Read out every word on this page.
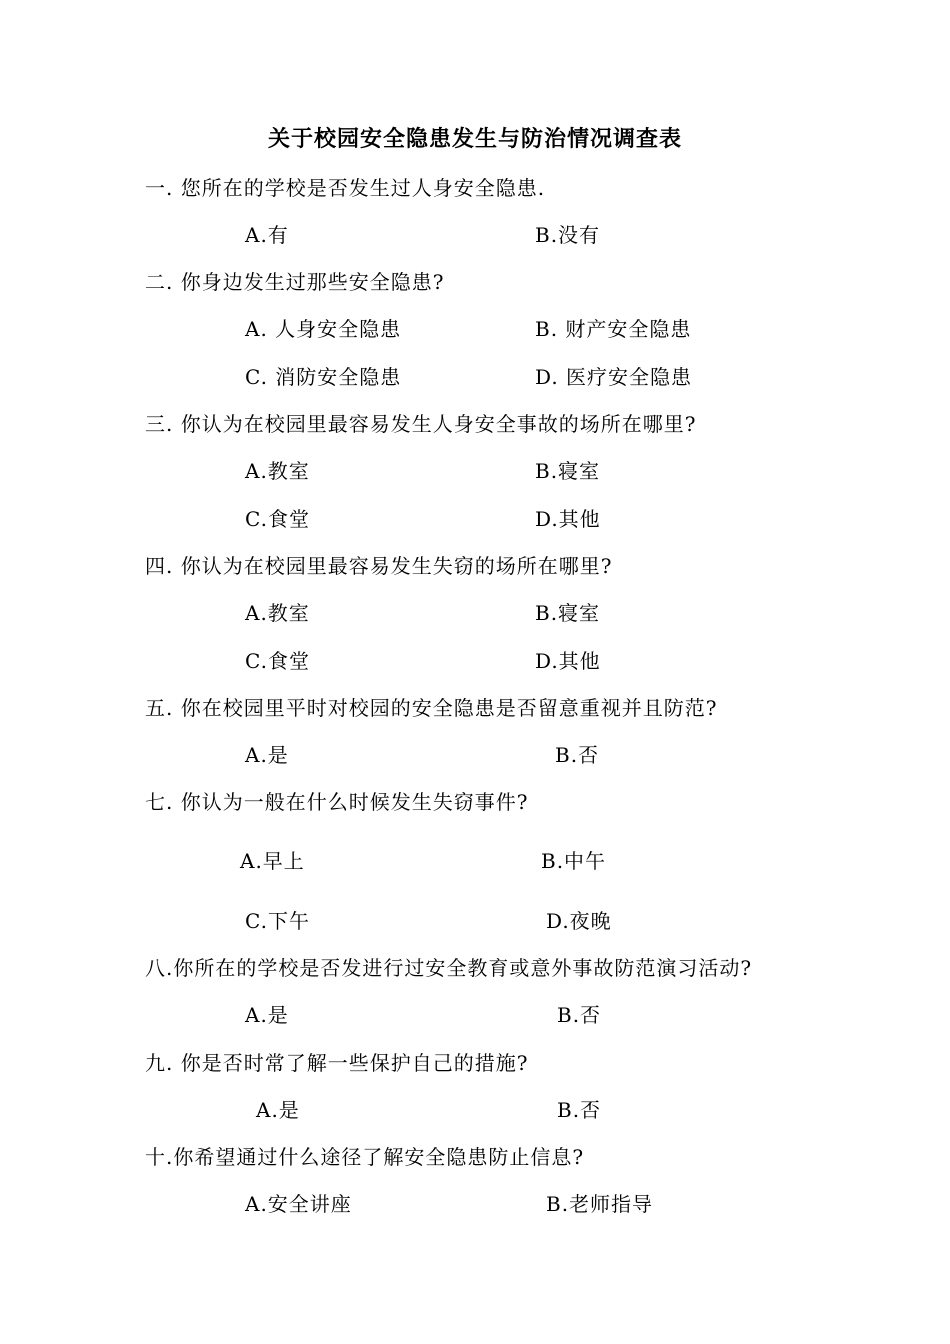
关于校园安全隐患发生与防治情况调查表
一. 您所在的学校是否发生过人身安全隐患.
A.有	B.没有
二. 你身边发生过那些安全隐患?
A. 人身安全隐患	B. 财产安全隐患
C. 消防安全隐患	D. 医疗安全隐患
三. 你认为在校园里最容易发生人身安全事故的场所在哪里?
A.教室	B.寝室
C.食堂	D.其他
四. 你认为在校园里最容易发生失窃的场所在哪里?
A.教室	B.寝室
C.食堂	D.其他
五. 你在校园里平时对校园的安全隐患是否留意重视并且防范?
A.是	B.否
七. 你认为一般在什么时候发生失窃事件?
A.早上	B.中午
C.下午	D.夜晚
八.你所在的学校是否发进行过安全教育或意外事故防范演习活动?
A.是	B.否
九. 你是否时常了解一些保护自己的措施?
A.是	B.否
十.你希望通过什么途径了解安全隐患防止信息?
A.安全讲座	B.老师指导
